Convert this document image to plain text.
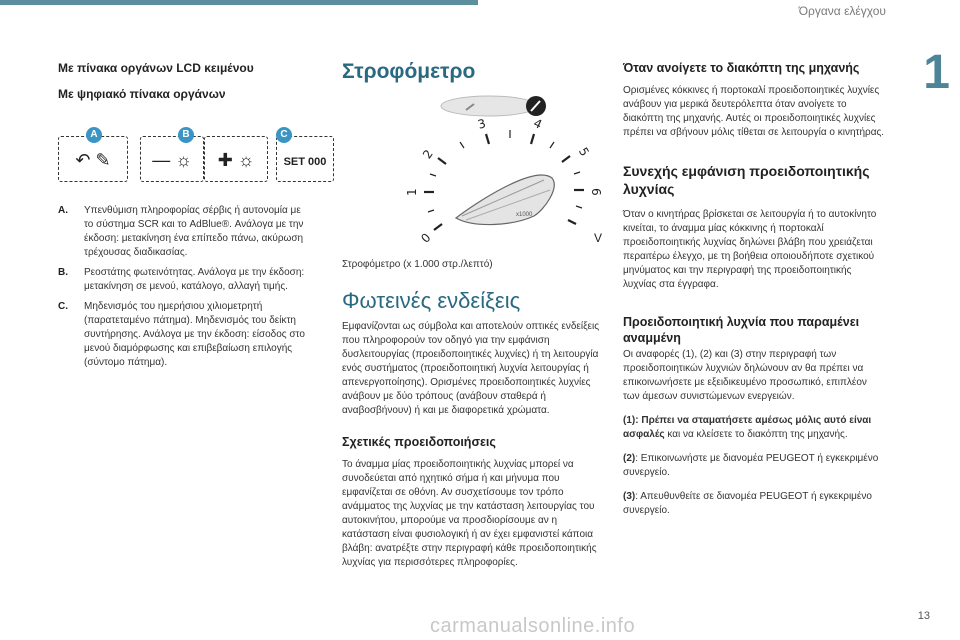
Όργανα ελέγχου
1
Με πίνακα οργάνων LCD κειμένου
Με ψηφιακό πίνακα οργάνων
↶ ✎
A
— ☼	✚ ☼
B
SET 000
C
A.	Υπενθύμιση πληροφορίας σέρβις ή αυτονομία με το σύστημα SCR και το AdBlue®. Ανάλογα με την έκδοση: μετακίνηση ένα επίπεδο πάνω, ακύρωση τρέχουσας διαδικασίας.
B.	Ρεοστάτης φωτεινότητας. Ανάλογα με την έκδοση: μετακίνηση σε μενού, κατάλογο, αλλαγή τιμής.
C.	Μηδενισμός του ημερήσιου χιλιομετρητή (παρατεταμένο πάτημα). Μηδενισμός του δείκτη συντήρησης. Ανάλογα με την έκδοση: είσοδος στο μενού διαμόρφωσης και επιβεβαίωση επιλογής (σύντομο πάτημα).
Στροφόμετρο
0
1
2
3	4
5
6
V
x1000
Στροφόμετρο (x 1.000 στρ./λεπτό)
Φωτεινές ενδείξεις

Εμφανίζονται ως σύμβολα και αποτελούν οπτικές ενδείξεις που πληροφορούν τον οδηγό για την εμφάνιση δυσλειτουργίας (προειδοποιητικές λυχνίες) ή τη λειτουργία ενός συστήματος (προειδοποιητική λυχνία λειτουργίας ή απενεργοποίησης). Ορισμένες προειδοποιητικές λυχνίες ανάβουν με δύο τρόπους (ανάβουν σταθερά ή αναβοσβήνουν) ή και με διαφορετικά χρώματα.

Σχετικές προειδοποιήσεις

Το άναμμα μίας προειδοποιητικής λυχνίας μπορεί να συνοδεύεται από ηχητικό σήμα ή και μήνυμα που εμφανίζεται σε οθόνη. Αν συσχετίσουμε τον τρόπο ανάμματος της λυχνίας με την κατάσταση λειτουργίας του αυτοκινήτου, μπορούμε να προσδιορίσουμε αν η κατάσταση είναι φυσιολογική ή αν έχει εμφανιστεί κάποια βλάβη: ανατρέξτε στην περιγραφή κάθε προειδοποιητικής λυχνίας για περισσότερες πληροφορίες.

Όταν ανοίγετε το διακόπτη της μηχανής

Ορισμένες κόκκινες ή πορτοκαλί προειδοποιητικές λυχνίες ανάβουν για μερικά δευτερόλεπτα όταν ανοίγετε το διακόπτη της μηχανής. Αυτές οι προειδοποιητικές λυχνίες πρέπει να σβήνουν μόλις τίθεται σε λειτουργία ο κινητήρας.

Συνεχής εμφάνιση προειδοποιητικής λυχνίας

Όταν ο κινητήρας βρίσκεται σε λειτουργία ή το αυτοκίνητο κινείται, το άναμμα μίας κόκκινης ή πορτοκαλί προειδοποιητικής λυχνίας δηλώνει βλάβη που χρειάζεται περαιτέρω έλεγχο, με τη βοήθεια οποιουδήποτε σχετικού μηνύματος και την περιγραφή της προειδοποιητικής λυχνίας στα έγγραφα.

Προειδοποιητική λυχνία που παραμένει αναμμένη

Οι αναφορές (1), (2) και (3) στην περιγραφή των προειδοποιητικών λυχνιών δηλώνουν αν θα πρέπει να επικοινωνήσετε με εξειδικευμένο προσωπικό, επιπλέον των άμεσων συνιστώμενων ενεργειών.

(1): Πρέπει να σταματήσετε αμέσως μόλις αυτό είναι ασφαλές και να κλείσετε το διακόπτη της μηχανής.

(2): Επικοινωνήστε με διανομέα PEUGEOT ή εγκεκριμένο συνεργείο.

(3): Απευθυνθείτε σε διανομέα PEUGEOT ή εγκεκριμένο συνεργείο.

13
carmanualsonline.info
